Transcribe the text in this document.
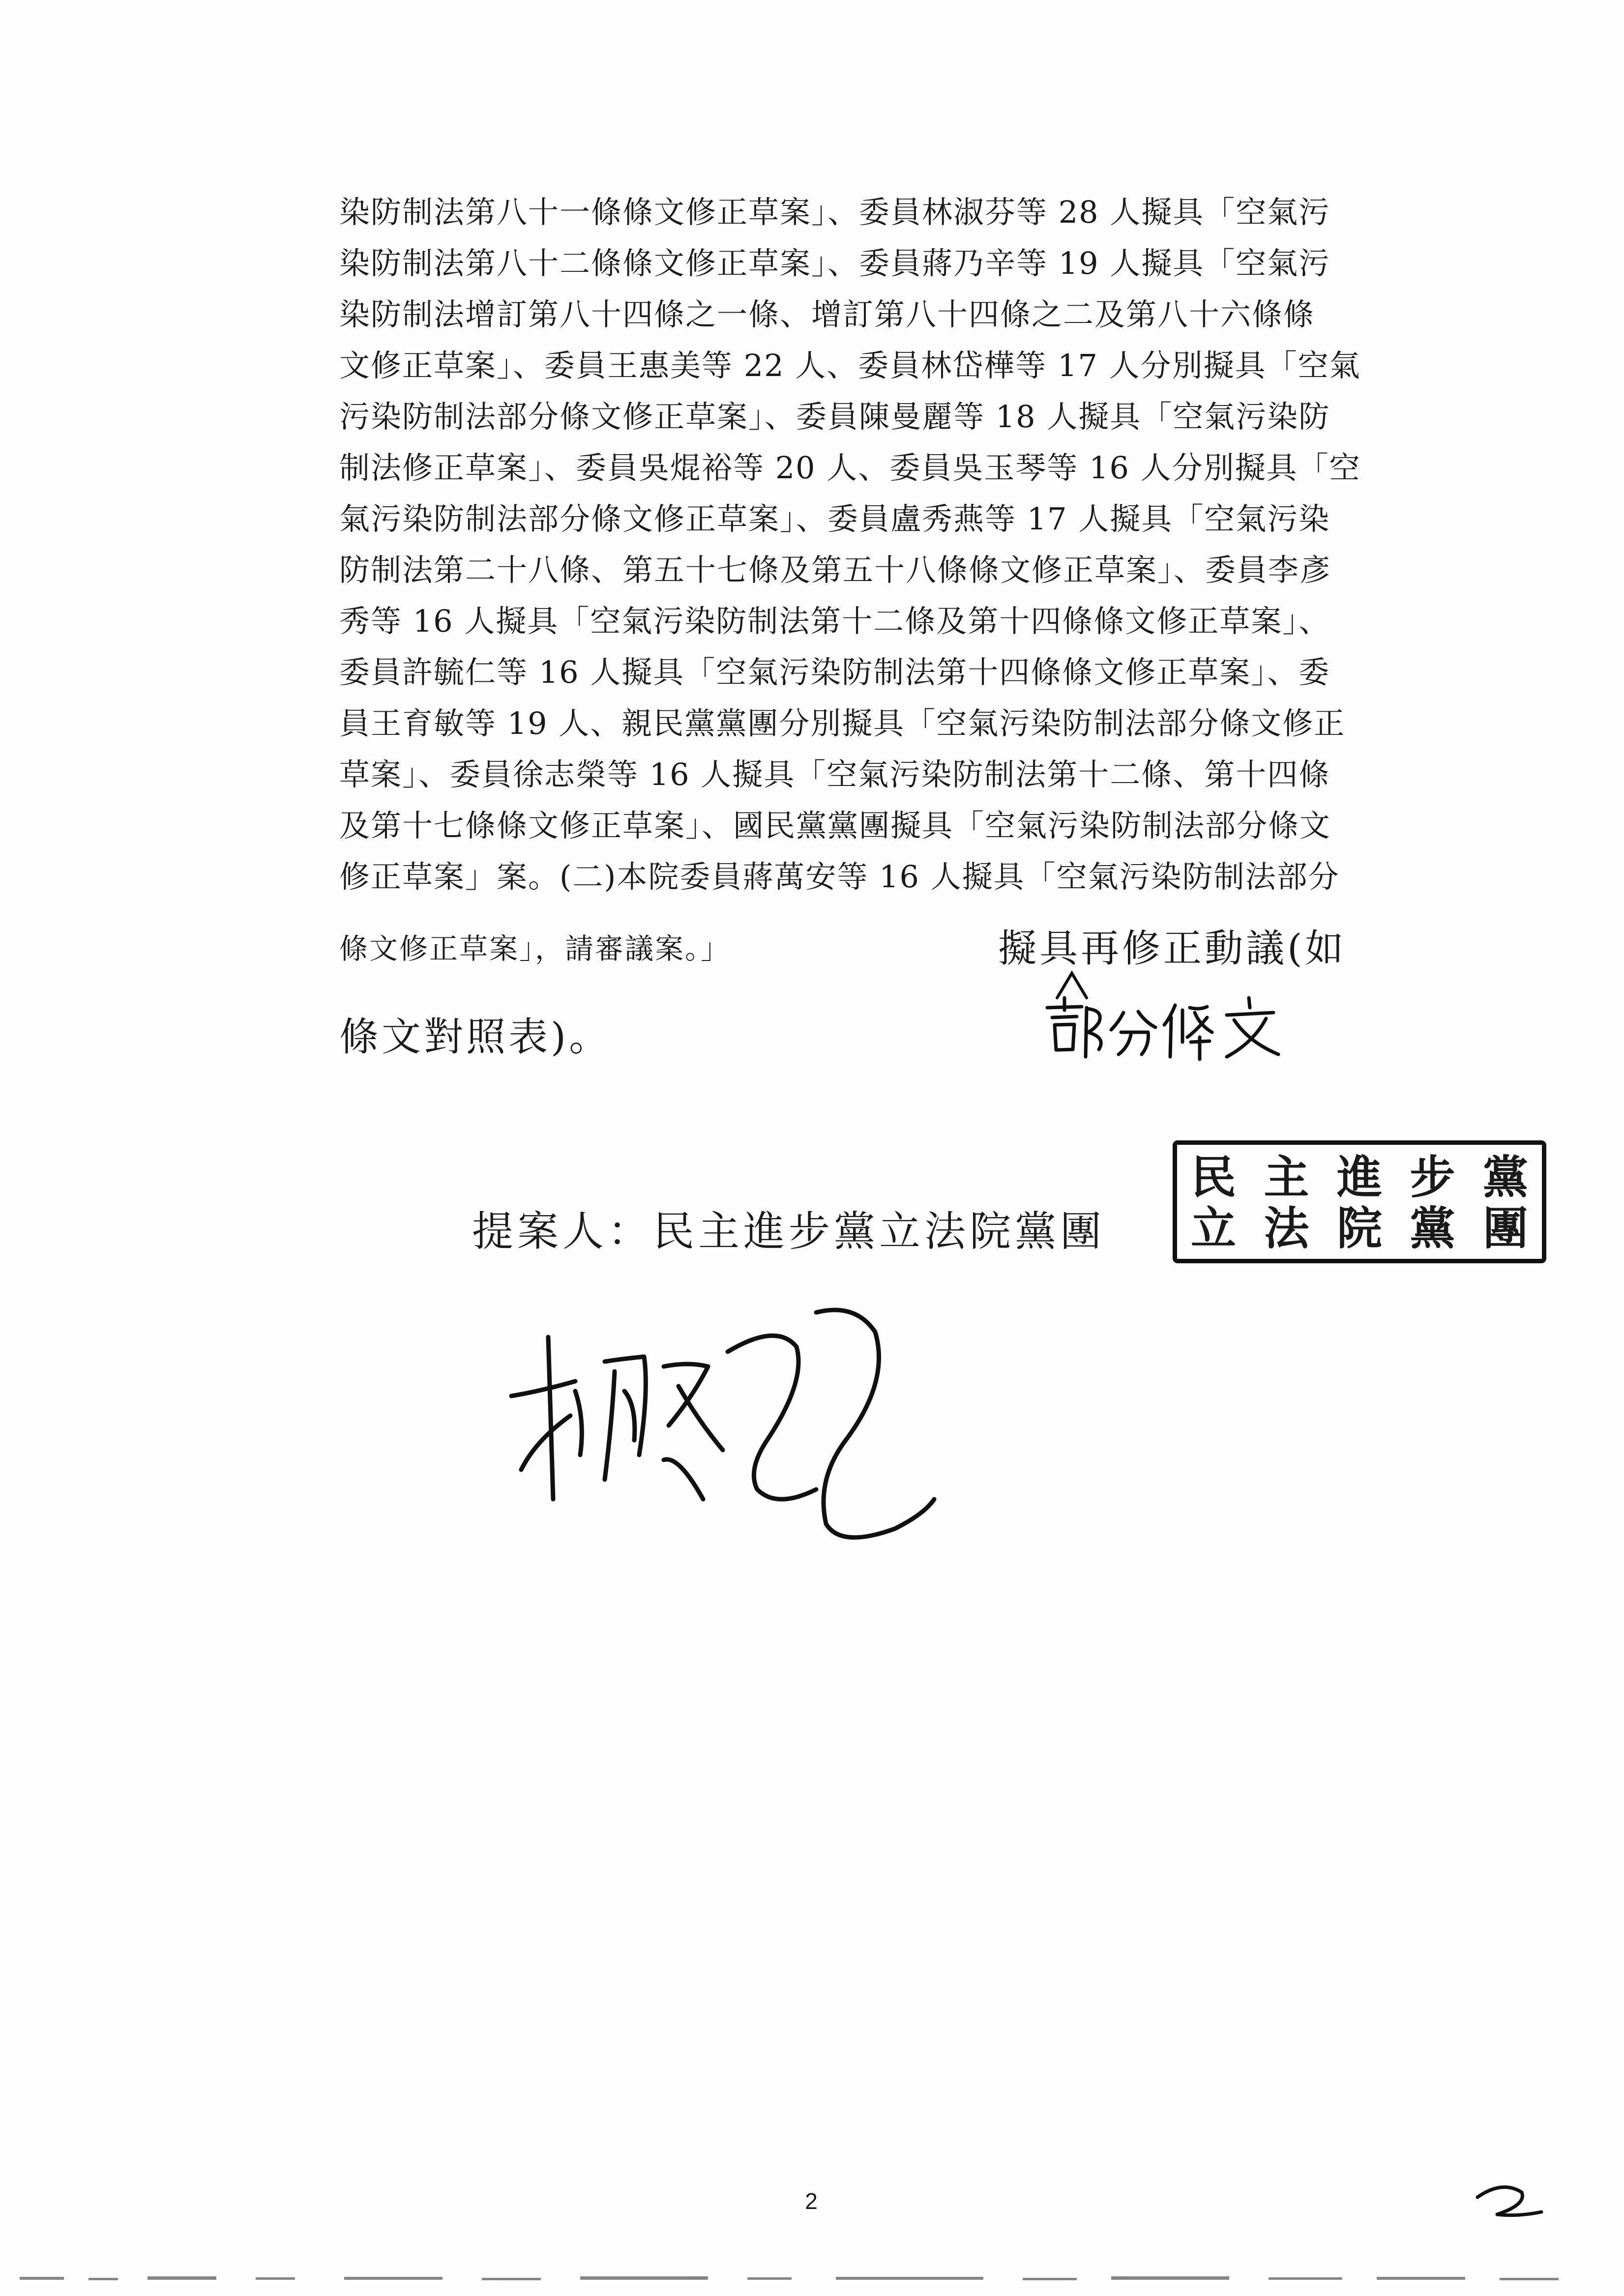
染防制法第八十一條條文修正草案」、委員林淑芬等 28 人擬具「空氣污
染防制法第八十二條條文修正草案」、委員蔣乃辛等 19 人擬具「空氣污
染防制法增訂第八十四條之一條、增訂第八十四條之二及第八十六條條
文修正草案」、委員王惠美等 22 人、委員林岱樺等 17 人分別擬具「空氣
污染防制法部分條文修正草案」、委員陳曼麗等 18 人擬具「空氣污染防
制法修正草案」、委員吳焜裕等 20 人、委員吳玉琴等 16 人分別擬具「空
氣污染防制法部分條文修正草案」、委員盧秀燕等 17 人擬具「空氣污染
防制法第二十八條、第五十七條及第五十八條條文修正草案」、委員李彥
秀等 16 人擬具「空氣污染防制法第十二條及第十四條條文修正草案」、
委員許毓仁等 16 人擬具「空氣污染防制法第十四條條文修正草案」、委
員王育敏等 19 人、親民黨黨團分別擬具「空氣污染防制法部分條文修正
草案」、委員徐志榮等 16 人擬具「空氣污染防制法第十二條、第十四條
及第十七條條文修正草案」、國民黨黨團擬具「空氣污染防制法部分條文
修正草案」案。(二)本院委員蔣萬安等 16 人擬具「空氣污染防制法部分
條文修正草案」，請審議案。」	擬具再修正動議(如
條文對照表)。
提案人：民主進步黨立法院黨團
民 主 進 步 黨
立 法 院 黨 團
2
